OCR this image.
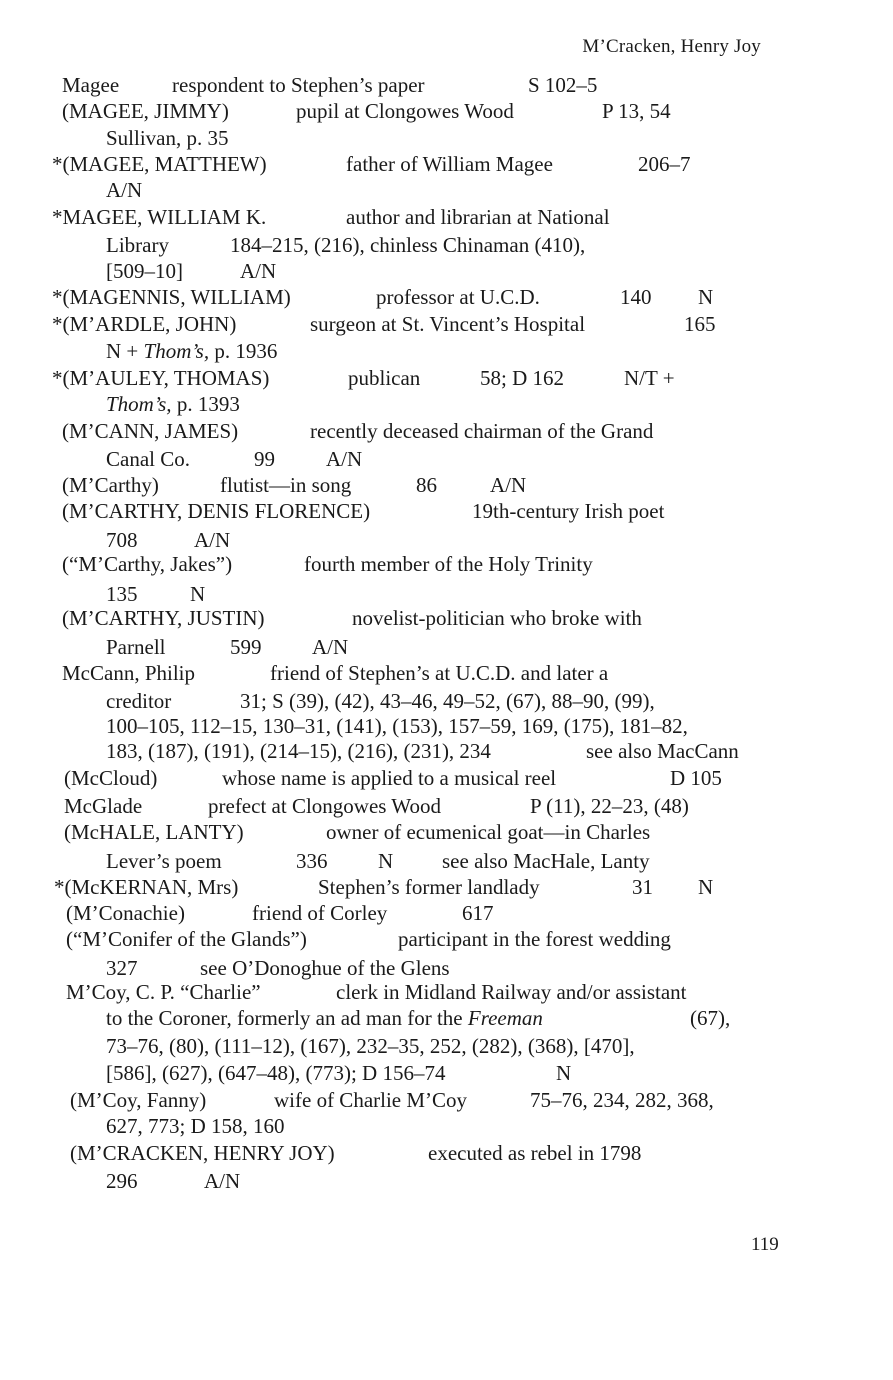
M’Cracken, Henry Joy
Magee	respondent to Stephen’s paper	S 102–5
(MAGEE, JIMMY)	pupil at Clongowes Wood	P 13, 54
Sullivan, p. 35
*(MAGEE, MATTHEW)	father of William Magee	206–7
A/N
*MAGEE, WILLIAM K.	author and librarian at National
Library	184–215, (216), chinless Chinaman (410),
[509–10]	A/N
*(MAGENNIS, WILLIAM)	professor at U.C.D.	140 N
*(M’ARDLE, JOHN)	surgeon at St. Vincent’s Hospital	165
N + Thom’s, p. 1936
*(M’AULEY, THOMAS)	publican	58; D 162	N/T +
Thom’s, p. 1393
(M’CANN, JAMES)	recently deceased chairman of the Grand
Canal Co.	99 A/N
(M’Carthy)	flutist—in song	86	A/N
(M’CARTHY, DENIS FLORENCE)	19th-century Irish poet
708	A/N
(“M’Carthy, Jakes”)	fourth member of the Holy Trinity
135	N
(M’CARTHY, JUSTIN)	novelist-politician who broke with
Parnell	599 A/N
McCann, Philip	friend of Stephen’s at U.C.D. and later a
creditor	31; S (39), (42), 43–46, 49–52, (67), 88–90, (99),
100–105, 112–15, 130–31, (141), (153), 157–59, 169, (175), 181–82,
183, (187), (191), (214–15), (216), (231), 234	see also MacCann
(McCloud)	whose name is applied to a musical reel	D 105
McGlade	prefect at Clongowes Wood	P (11), 22–23, (48)
(McHALE, LANTY)	owner of ecumenical goat—in Charles
Lever’s poem	336 N see also MacHale, Lanty
*(McKERNAN, Mrs)	Stephen’s former landlady	31 N
(M’Conachie)	friend of Corley	617
(“M’Conifer of the Glands”)	participant in the forest wedding
327	see O’Donoghue of the Glens
M’Coy, C. P. “Charlie”	clerk in Midland Railway and/or assistant
to the Coroner, formerly an ad man for the Freeman	(67),
73–76, (80), (111–12), (167), 232–35, 252, (282), (368), [470],
[586], (627), (647–48), (773); D 156–74	N
(M’Coy, Fanny)	wife of Charlie M’Coy	75–76, 234, 282, 368,
627, 773; D 158, 160
(M’CRACKEN, HENRY JOY)	executed as rebel in 1798
296	A/N
119
